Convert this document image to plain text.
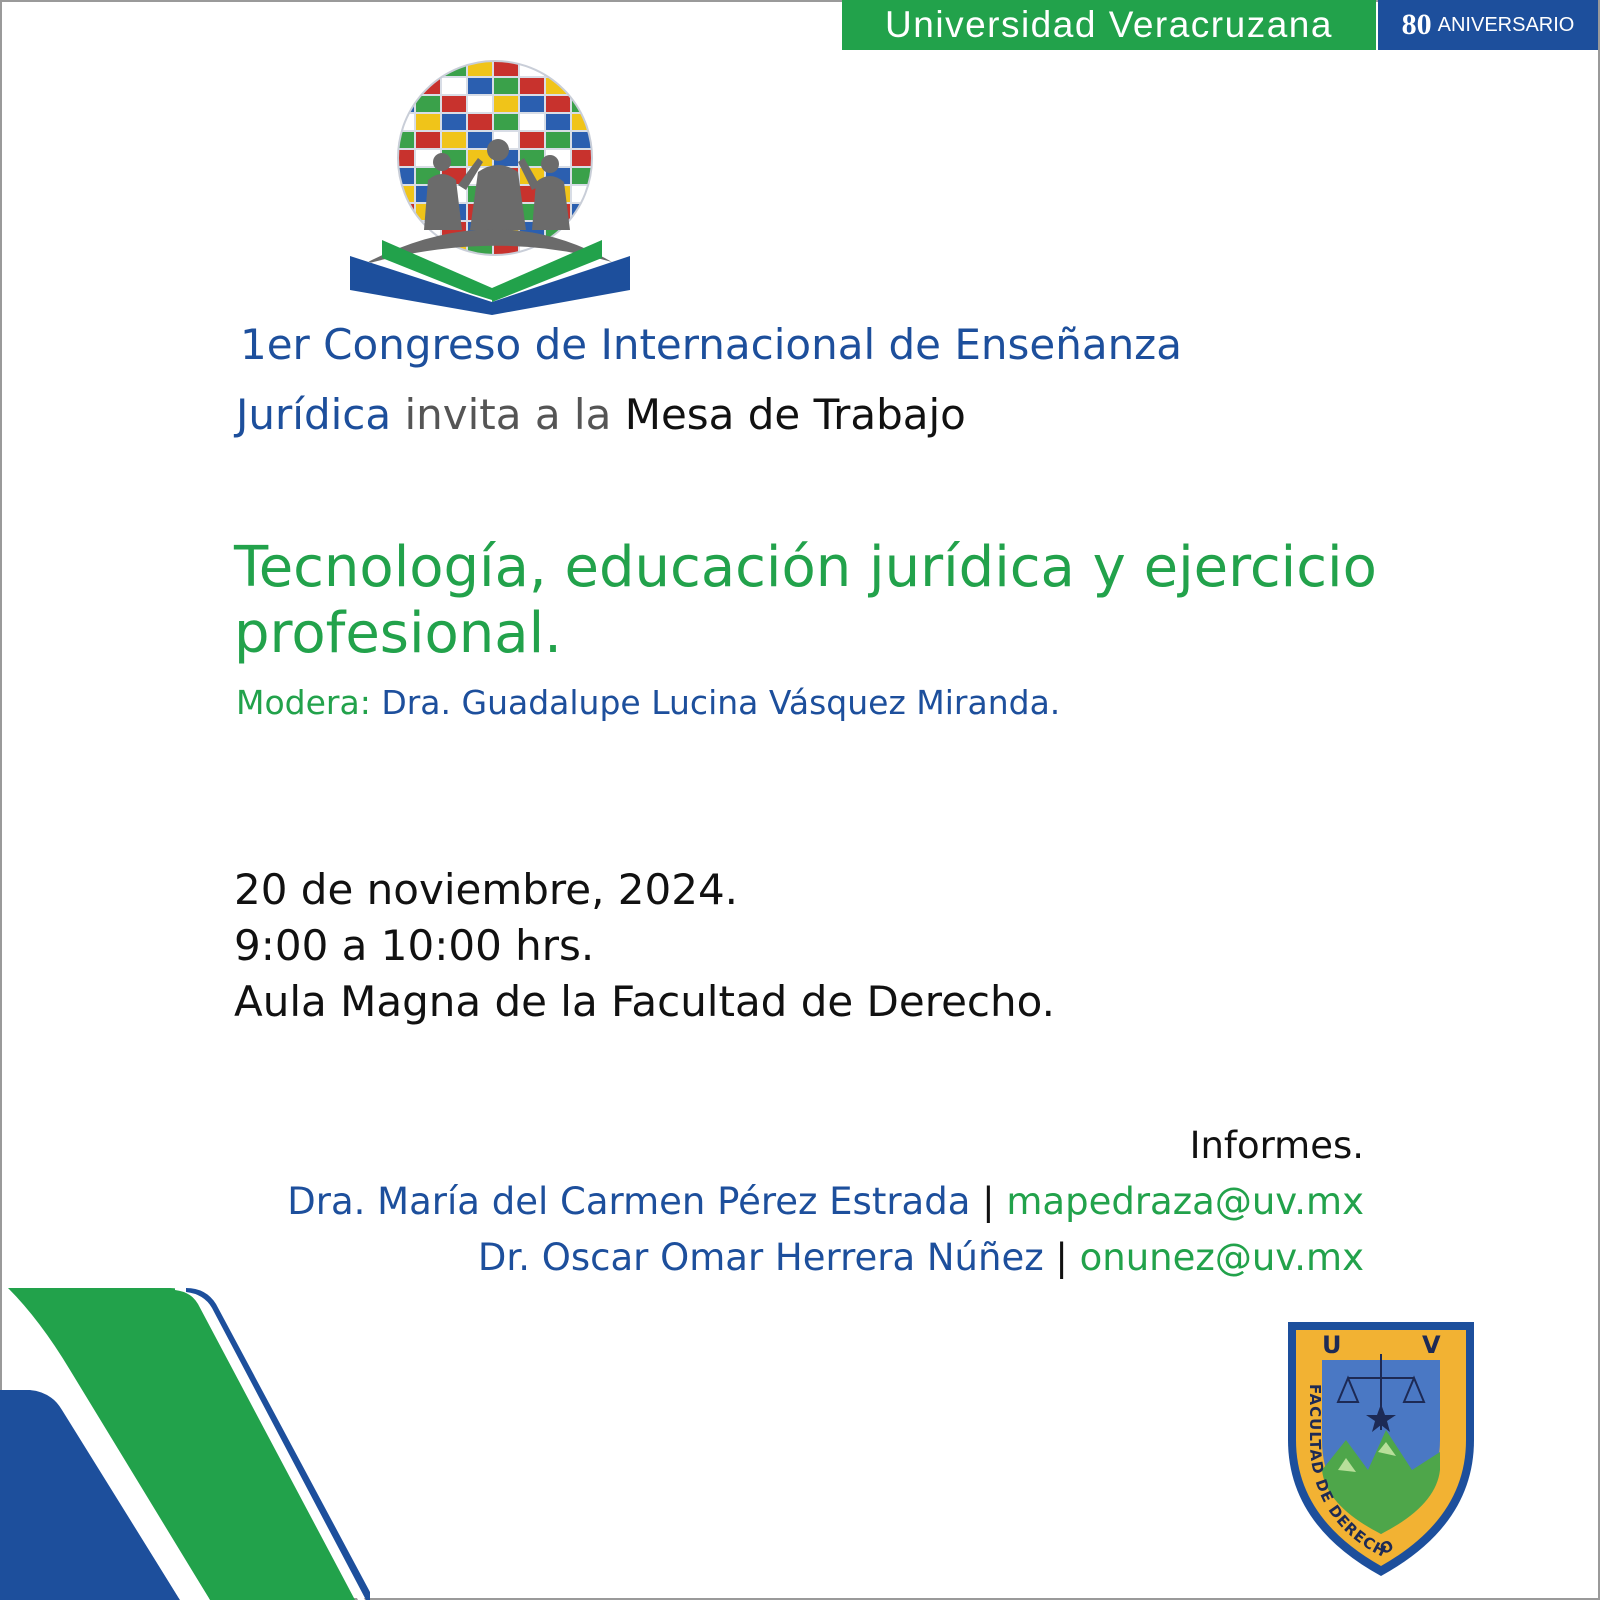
Universidad Veracruzana 80 ANIVERSARIO
1er Congreso de Internacional de Enseñanza
Jurídica invita a la Mesa de Trabajo
Tecnología, educación jurídica y ejercicio profesional.
Modera: Dra. Guadalupe Lucina Vásquez Miranda.
20 de noviembre, 2024.
9:00 a 10:00 hrs.
Aula Magna de la Facultad de Derecho.
Informes.
Dra. María del Carmen Pérez Estrada | mapedraza@uv.mx
Dr. Oscar Omar Herrera Núñez | onunez@uv.mx
U	V
FACULTAD DE DERECHO
